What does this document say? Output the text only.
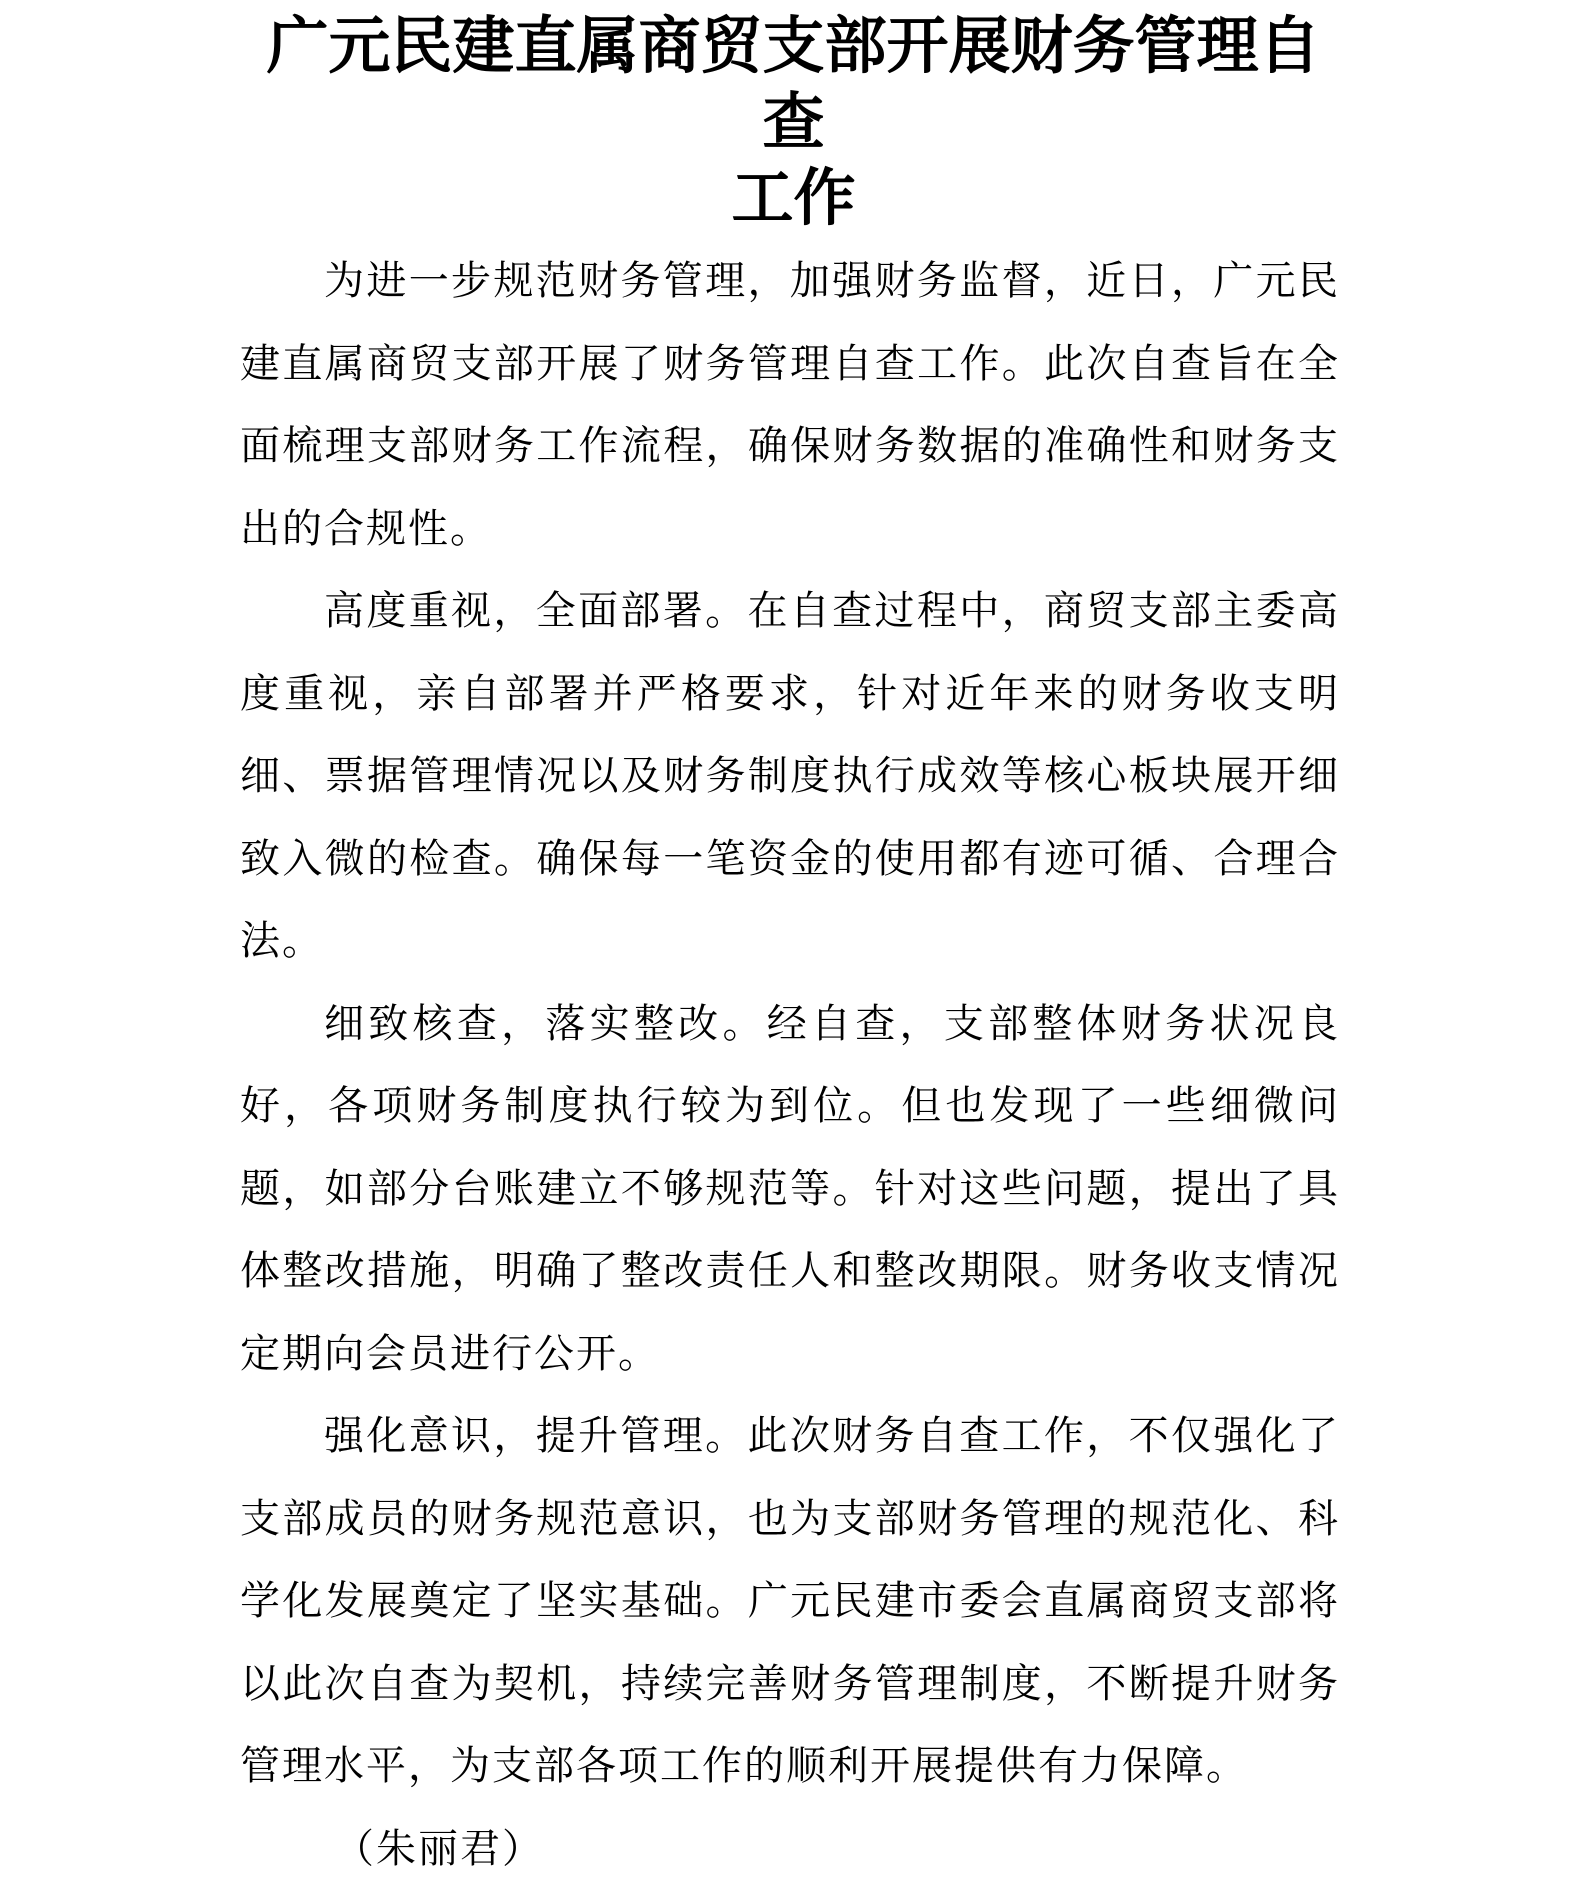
广元民建直属商贸支部开展财务管理自查
工作

为进一步规范财务管理，加强财务监督，近日，广元民建直属商贸支部开展了财务管理自查工作。此次自查旨在全面梳理支部财务工作流程，确保财务数据的准确性和财务支出的合规性。

高度重视，全面部署。在自查过程中，商贸支部主委高度重视，亲自部署并严格要求，针对近年来的财务收支明细、票据管理情况以及财务制度执行成效等核心板块展开细致入微的检查。确保每一笔资金的使用都有迹可循、合理合法。

细致核查，落实整改。经自查，支部整体财务状况良好，各项财务制度执行较为到位。但也发现了一些细微问题，如部分台账建立不够规范等。针对这些问题，提出了具体整改措施，明确了整改责任人和整改期限。财务收支情况定期向会员进行公开。

强化意识，提升管理。此次财务自查工作，不仅强化了支部成员的财务规范意识，也为支部财务管理的规范化、科学化发展奠定了坚实基础。广元民建市委会直属商贸支部将以此次自查为契机，持续完善财务管理制度，不断提升财务管理水平，为支部各项工作的顺利开展提供有力保障。

（朱丽君）
